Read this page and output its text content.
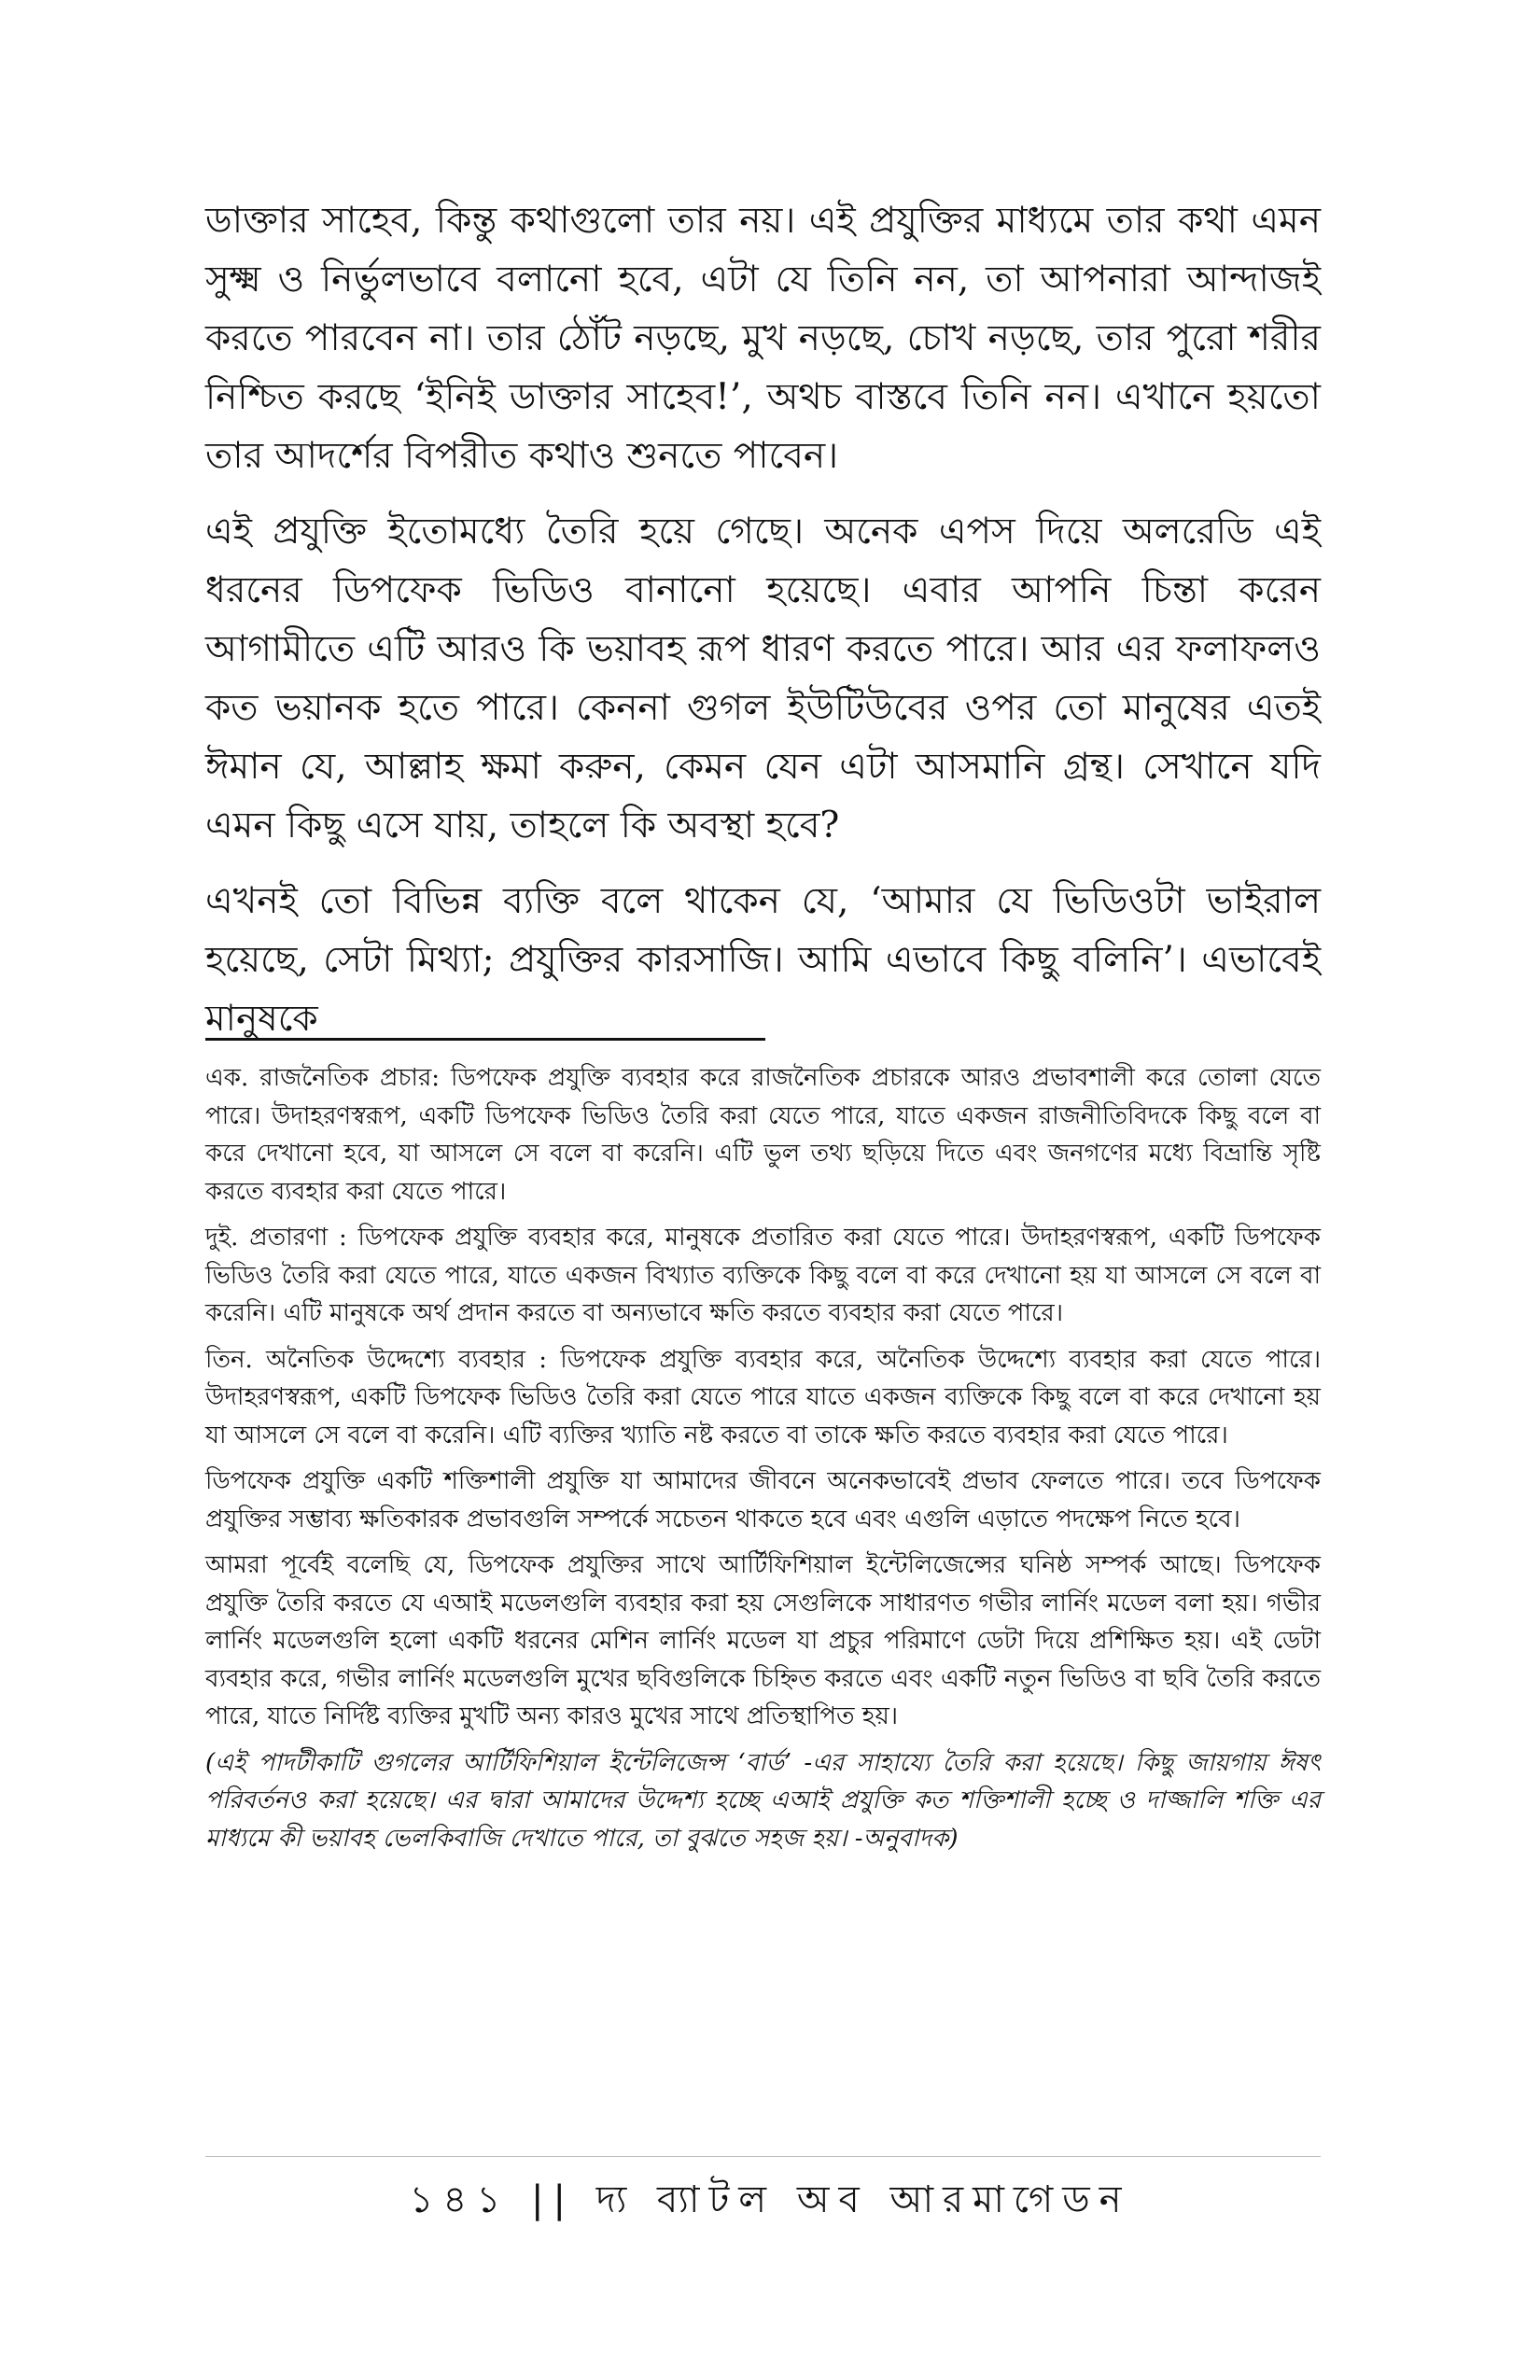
ডাক্তার সাহেব, কিন্তু কথাগুলো তার নয়। এই প্রযুক্তির মাধ্যমে তার কথা এমন সুক্ষ্ম ও নির্ভুলভাবে বলানো হবে, এটা যে তিনি নন, তা আপনারা আন্দাজই করতে পারবেন না। তার ঠোঁট নড়ছে, মুখ নড়ছে, চোখ নড়ছে, তার পুরো শরীর নিশ্চিত করছে ‘ইনিই ডাক্তার সাহেব!’, অথচ বাস্তবে তিনি নন। এখানে হয়তো তার আদর্শের বিপরীত কথাও শুনতে পাবেন।

এই প্রযুক্তি ইতোমধ্যে তৈরি হয়ে গেছে। অনেক এপস দিয়ে অলরেডি এই ধরনের ডিপফেক ভিডিও বানানো হয়েছে। এবার আপনি চিন্তা করেন আগামীতে এটি আরও কি ভয়াবহ রূপ ধারণ করতে পারে। আর এর ফলাফলও কত ভয়ানক হতে পারে। কেননা গুগল ইউটিউবের ওপর তো মানুষের এতই ঈমান যে, আল্লাহ ক্ষমা করুন, কেমন যেন এটা আসমানি গ্রন্থ। সেখানে যদি এমন কিছু এসে যায়, তাহলে কি অবস্থা হবে?

এখনই তো বিভিন্ন ব্যক্তি বলে থাকেন যে, ‘আমার যে ভিডিওটা ভাইরাল হয়েছে, সেটা মিথ্যা; প্রযুক্তির কারসাজি। আমি এভাবে কিছু বলিনি’। এভাবেই মানুষকে

এক. রাজনৈতিক প্রচার: ডিপফেক প্রযুক্তি ব্যবহার করে রাজনৈতিক প্রচারকে আরও প্রভাবশালী করে তোলা যেতে পারে। উদাহরণস্বরূপ, একটি ডিপফেক ভিডিও তৈরি করা যেতে পারে, যাতে একজন রাজনীতিবিদকে কিছু বলে বা করে দেখানো হবে, যা আসলে সে বলে বা করেনি। এটি ভুল তথ্য ছড়িয়ে দিতে এবং জনগণের মধ্যে বিভ্রান্তি সৃষ্টি করতে ব্যবহার করা যেতে পারে।

দুই. প্রতারণা : ডিপফেক প্রযুক্তি ব্যবহার করে, মানুষকে প্রতারিত করা যেতে পারে। উদাহরণস্বরূপ, একটি ডিপফেক ভিডিও তৈরি করা যেতে পারে, যাতে একজন বিখ্যাত ব্যক্তিকে কিছু বলে বা করে দেখানো হয় যা আসলে সে বলে বা করেনি। এটি মানুষকে অর্থ প্রদান করতে বা অন্যভাবে ক্ষতি করতে ব্যবহার করা যেতে পারে।

তিন. অনৈতিক উদ্দেশ্যে ব্যবহার : ডিপফেক প্রযুক্তি ব্যবহার করে, অনৈতিক উদ্দেশ্যে ব্যবহার করা যেতে পারে। উদাহরণস্বরূপ, একটি ডিপফেক ভিডিও তৈরি করা যেতে পারে যাতে একজন ব্যক্তিকে কিছু বলে বা করে দেখানো হয় যা আসলে সে বলে বা করেনি। এটি ব্যক্তির খ্যাতি নষ্ট করতে বা তাকে ক্ষতি করতে ব্যবহার করা যেতে পারে।

ডিপফেক প্রযুক্তি একটি শক্তিশালী প্রযুক্তি যা আমাদের জীবনে অনেকভাবেই প্রভাব ফেলতে পারে। তবে ডিপফেক প্রযুক্তির সম্ভাব্য ক্ষতিকারক প্রভাবগুলি সম্পর্কে সচেতন থাকতে হবে এবং এগুলি এড়াতে পদক্ষেপ নিতে হবে।

আমরা পূর্বেই বলেছি যে, ডিপফেক প্রযুক্তির সাথে আর্টিফিশিয়াল ইন্টেলিজেন্সের ঘনিষ্ঠ সম্পর্ক আছে। ডিপফেক প্রযুক্তি তৈরি করতে যে এআই মডেলগুলি ব্যবহার করা হয় সেগুলিকে সাধারণত গভীর লার্নিং মডেল বলা হয়। গভীর লার্নিং মডেলগুলি হলো একটি ধরনের মেশিন লার্নিং মডেল যা প্রচুর পরিমাণে ডেটা দিয়ে প্রশিক্ষিত হয়। এই ডেটা ব্যবহার করে, গভীর লার্নিং মডেলগুলি মুখের ছবিগুলিকে চিহ্নিত করতে এবং একটি নতুন ভিডিও বা ছবি তৈরি করতে পারে, যাতে নির্দিষ্ট ব্যক্তির মুখটি অন্য কারও মুখের সাথে প্রতিস্থাপিত হয়।

(এই পাদটীকাটি গুগলের আর্টিফিশিয়াল ইন্টেলিজেন্স ‘বার্ড’ -এর সাহায্যে তৈরি করা হয়েছে। কিছু জায়গায় ঈষৎ পরিবর্তনও করা হয়েছে। এর দ্বারা আমাদের উদ্দেশ্য হচ্ছে এআই প্রযুক্তি কত শক্তিশালী হচ্ছে ও দাজ্জালি শক্তি এর মাধ্যমে কী ভয়াবহ ভেলকিবাজি দেখাতে পারে, তা বুঝতে সহজ হয়। -অনুবাদক)

১৪১ || দ্য ব্যাটল অব আরমাগেডন
